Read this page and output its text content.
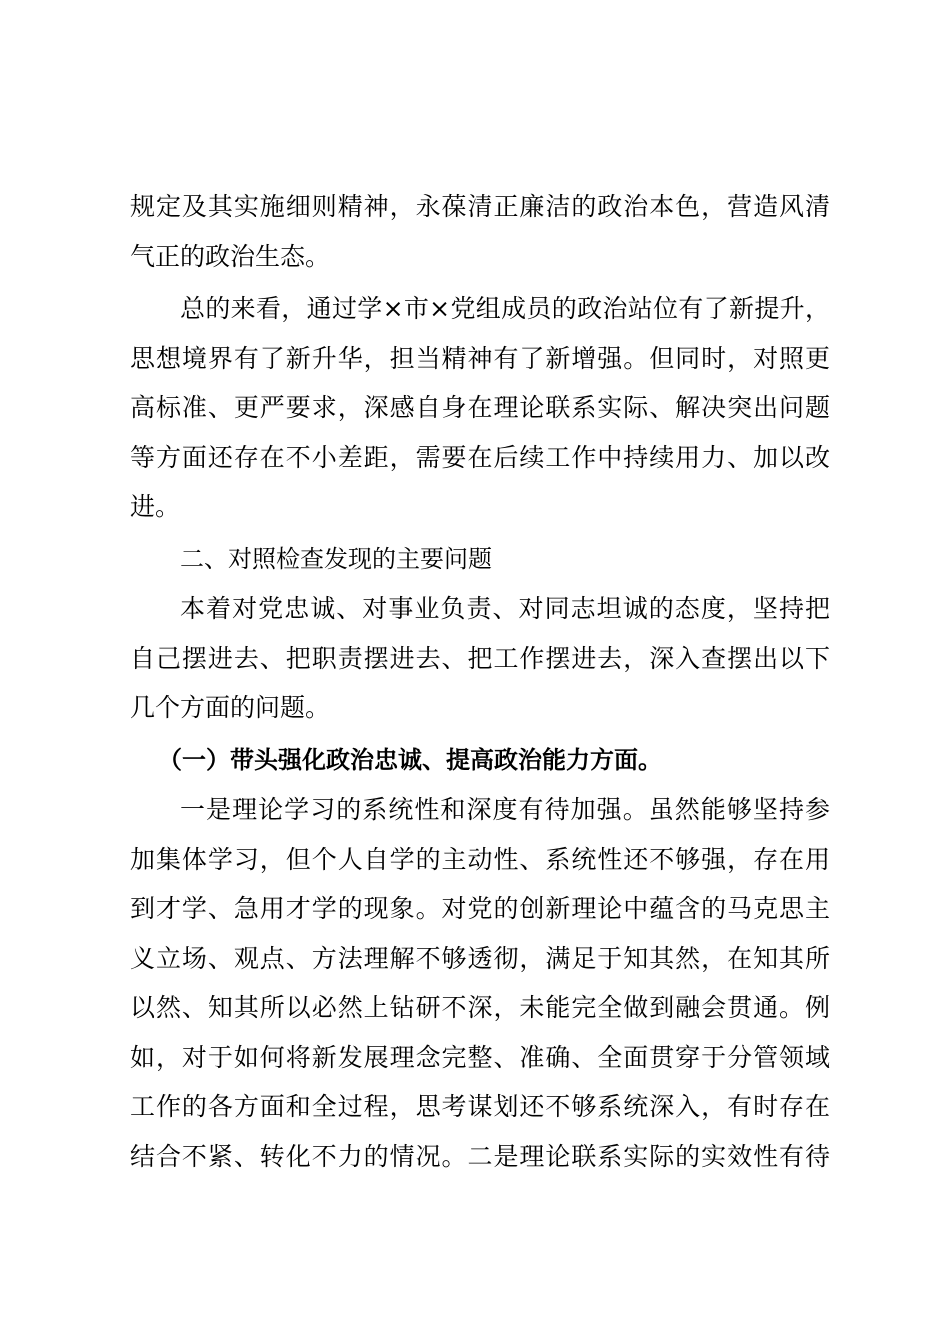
规定及其实施细则精神，永葆清正廉洁的政治本色，营造风清
气正的政治生态。
总的来看，通过学×市×党组成员的政治站位有了新提升，
思想境界有了新升华，担当精神有了新增强。但同时，对照更
高标准、更严要求，深感自身在理论联系实际、解决突出问题
等方面还存在不小差距，需要在后续工作中持续用力、加以改
进。
二、对照检查发现的主要问题
本着对党忠诚、对事业负责、对同志坦诚的态度，坚持把
自己摆进去、把职责摆进去、把工作摆进去，深入查摆出以下
几个方面的问题。
（一）带头强化政治忠诚、提高政治能力方面。
一是理论学习的系统性和深度有待加强。虽然能够坚持参
加集体学习，但个人自学的主动性、系统性还不够强，存在用
到才学、急用才学的现象。对党的创新理论中蕴含的马克思主
义立场、观点、方法理解不够透彻，满足于知其然，在知其所
以然、知其所以必然上钻研不深，未能完全做到融会贯通。例
如，对于如何将新发展理念完整、准确、全面贯穿于分管领域
工作的各方面和全过程，思考谋划还不够系统深入，有时存在
结合不紧、转化不力的情况。二是理论联系实际的实效性有待
